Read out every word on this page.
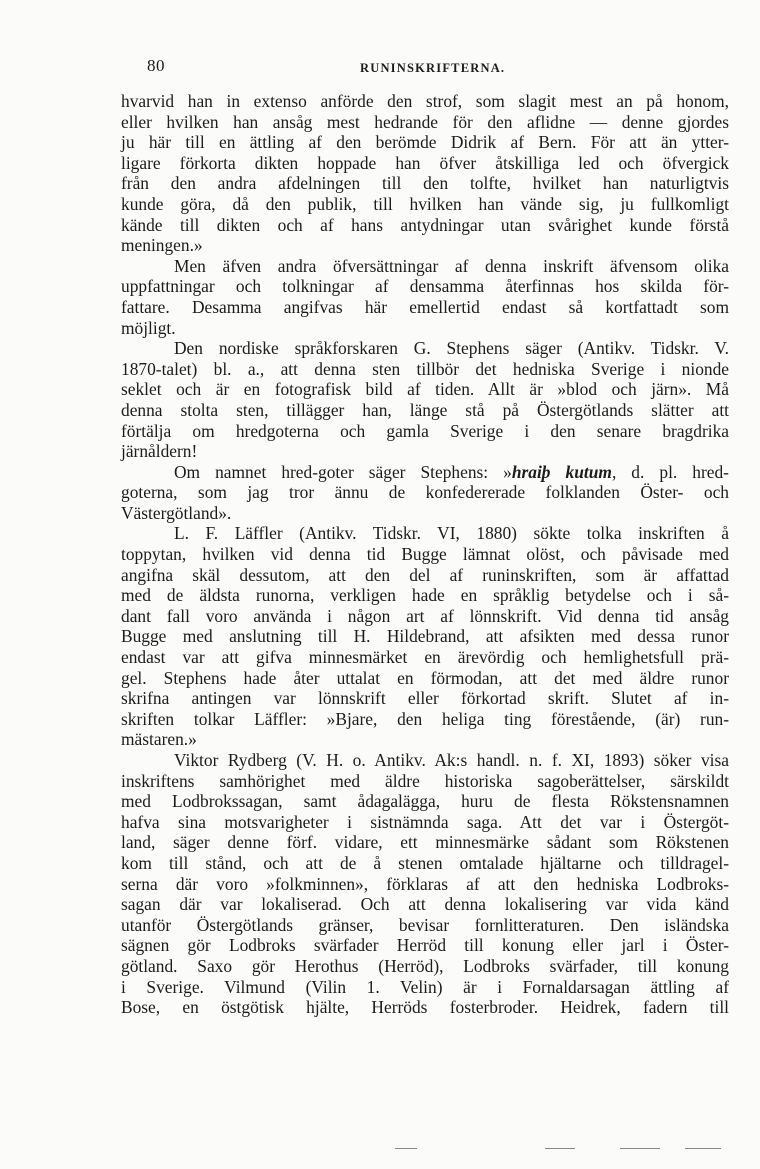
80	RUNINSKRIFTERNA.
hvarvid han in extenso anförde den strof, som slagit mest an på honom,
eller hvilken han ansåg mest hedrande för den aflidne — denne gjordes
ju här till en ättling af den berömde Didrik af Bern. För att än ytter-
ligare förkorta dikten hoppade han öfver åtskilliga led och öfvergick
från den andra afdelningen till den tolfte, hvilket han naturligtvis
kunde göra, då den publik, till hvilken han vände sig, ju fullkomligt
kände till dikten och af hans antydningar utan svårighet kunde förstå
meningen.»
Men äfven andra öfversättningar af denna inskrift äfvensom olika
uppfattningar och tolkningar af densamma återfinnas hos skilda för-
fattare. Desamma angifvas här emellertid endast så kortfattadt som
möjligt.
Den nordiske språkforskaren G. Stephens säger (Antikv. Tidskr. V.
1870-talet) bl. a., att denna sten tillbör det hedniska Sverige i nionde
seklet och är en fotografisk bild af tiden. Allt är »blod och järn». Må
denna stolta sten, tillägger han, länge stå på Östergötlands slätter att
förtälja om hredgoterna och gamla Sverige i den senare bragdrika
järnåldern!
Om namnet hred-goter säger Stephens: »hraiþ kutum, d. pl. hred-
goterna, som jag tror ännu de konfedererade folklanden Öster- och
Västergötland».
L. F. Läffler (Antikv. Tidskr. VI, 1880) sökte tolka inskriften å
toppytan, hvilken vid denna tid Bugge lämnat olöst, och påvisade med
angifna skäl dessutom, att den del af runinskriften, som är affattad
med de äldsta runorna, verkligen hade en språklig betydelse och i så-
dant fall voro använda i någon art af lönnskrift. Vid denna tid ansåg
Bugge med anslutning till H. Hildebrand, att afsikten med dessa runor
endast var att gifva minnesmärket en ärevördig och hemlighetsfull prä-
gel. Stephens hade åter uttalat en förmodan, att det med äldre runor
skrifna antingen var lönnskrift eller förkortad skrift. Slutet af in-
skriften tolkar Läffler: »Bjare, den heliga ting förestående, (är) run-
mästaren.»
Viktor Rydberg (V. H. o. Antikv. Ak:s handl. n. f. XI, 1893) söker visa
inskriftens samhörighet med äldre historiska sagoberättelser, särskildt
med Lodbrokssagan, samt ådagalägga, huru de flesta Rökstensnamnen
hafva sina motsvarigheter i sistnämnda saga. Att det var i Östergöt-
land, säger denne förf. vidare, ett minnesmärke sådant som Rökstenen
kom till stånd, och att de å stenen omtalade hjältarne och tilldragel-
serna där voro »folkminnen», förklaras af att den hedniska Lodbroks-
sagan där var lokaliserad. Och att denna lokalisering var vida känd
utanför Östergötlands gränser, bevisar fornlitteraturen. Den isländska
sägnen gör Lodbroks svärfader Herröd till konung eller jarl i Öster-
götland. Saxo gör Herothus (Herröd), Lodbroks svärfader, till konung
i Sverige. Vilmund (Vilin 1. Velin) är i Fornaldarsagan ättling af
Bose, en östgötisk hjälte, Herröds fosterbroder. Heidrek, fadern till
